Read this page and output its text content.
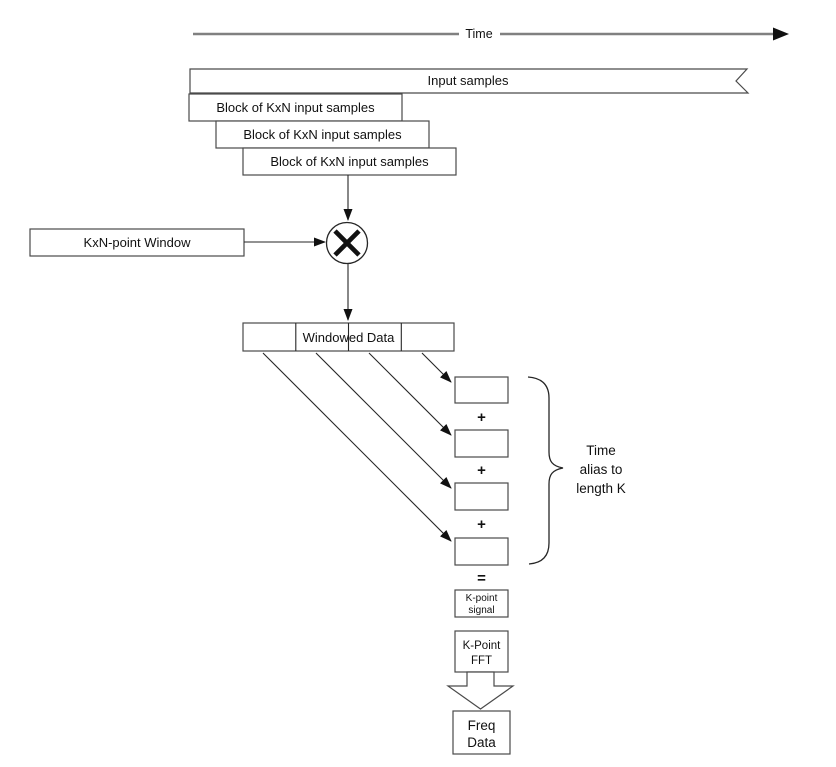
Time
Input samples
Block of KxN input samples
Block of KxN input samples
Block of KxN input samples
KxN-point Window
Windowed Data
+
+
+
=
Time
alias to
length K
K-point
signal
K-Point
FFT
Freq
Data
